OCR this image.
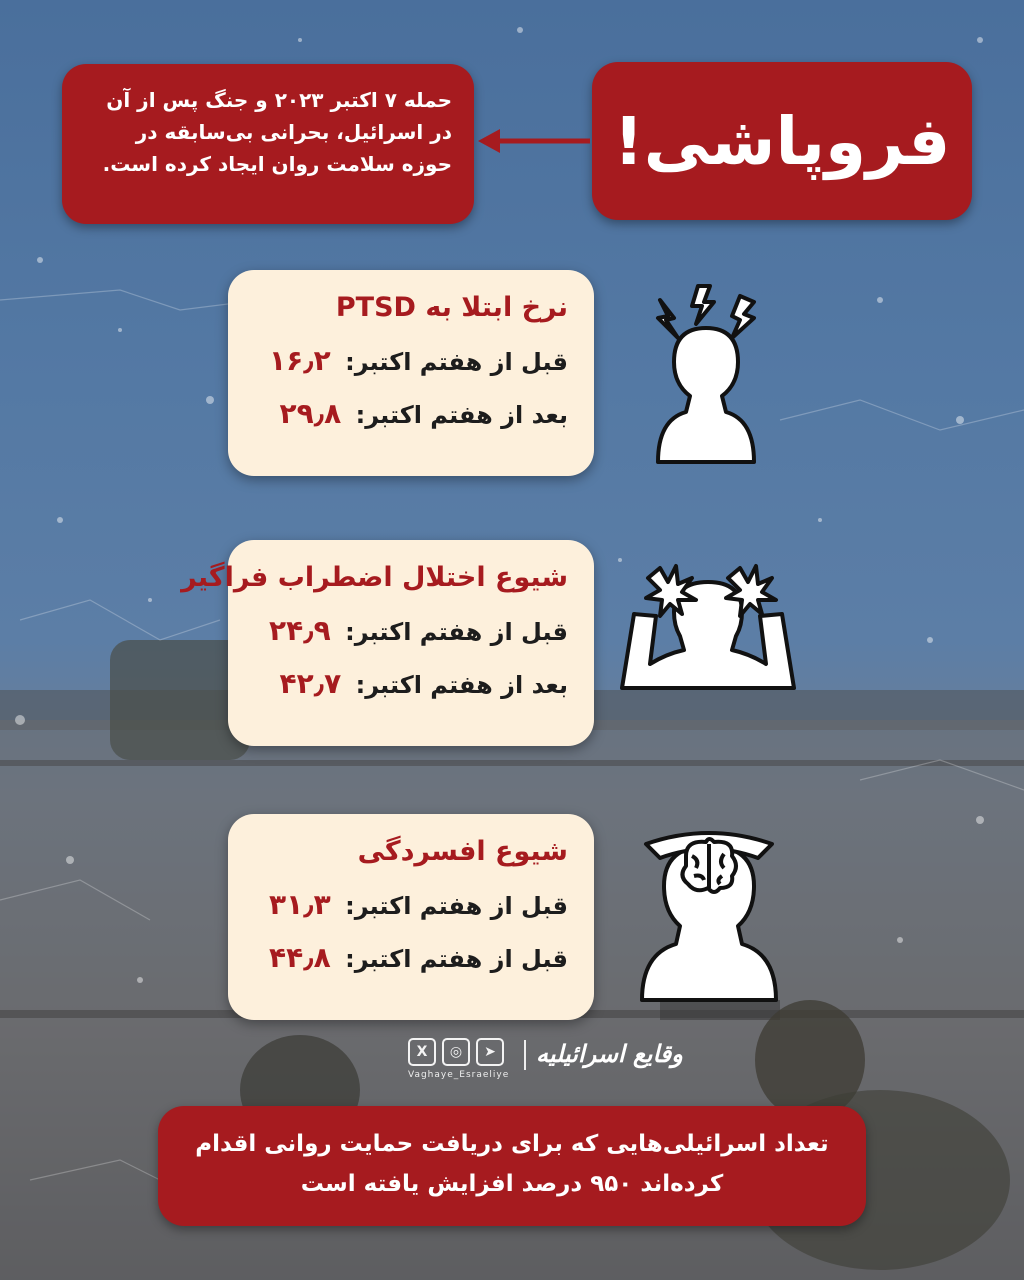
فروپاشی!
حمله ۷ اکتبر ۲۰۲۳ و جنگ پس از آن در اسرائیل، بحرانی بی‌سابقه در حوزه سلامت روان ایجاد کرده است.
نرخ ابتلا به PTSD
قبل از هفتم اکتبر: ۱۶٫۲
بعد از هفتم اکتبر: ۲۹٫۸
شیوع اختلال اضطراب فراگیر
قبل از هفتم اکتبر: ۲۴٫۹
بعد از هفتم اکتبر: ۴۲٫۷
شیوع افسردگی
قبل از هفتم اکتبر: ۳۱٫۳
قبل از هفتم اکتبر: ۴۴٫۸
X	◎	➤
Vaghaye_Esraeliye
وقایع اسرائیلیه
تعداد اسرائیلی‌هایی که برای دریافت حمایت روانی اقدام کرده‌اند ۹۵۰ درصد افزایش یافته است
